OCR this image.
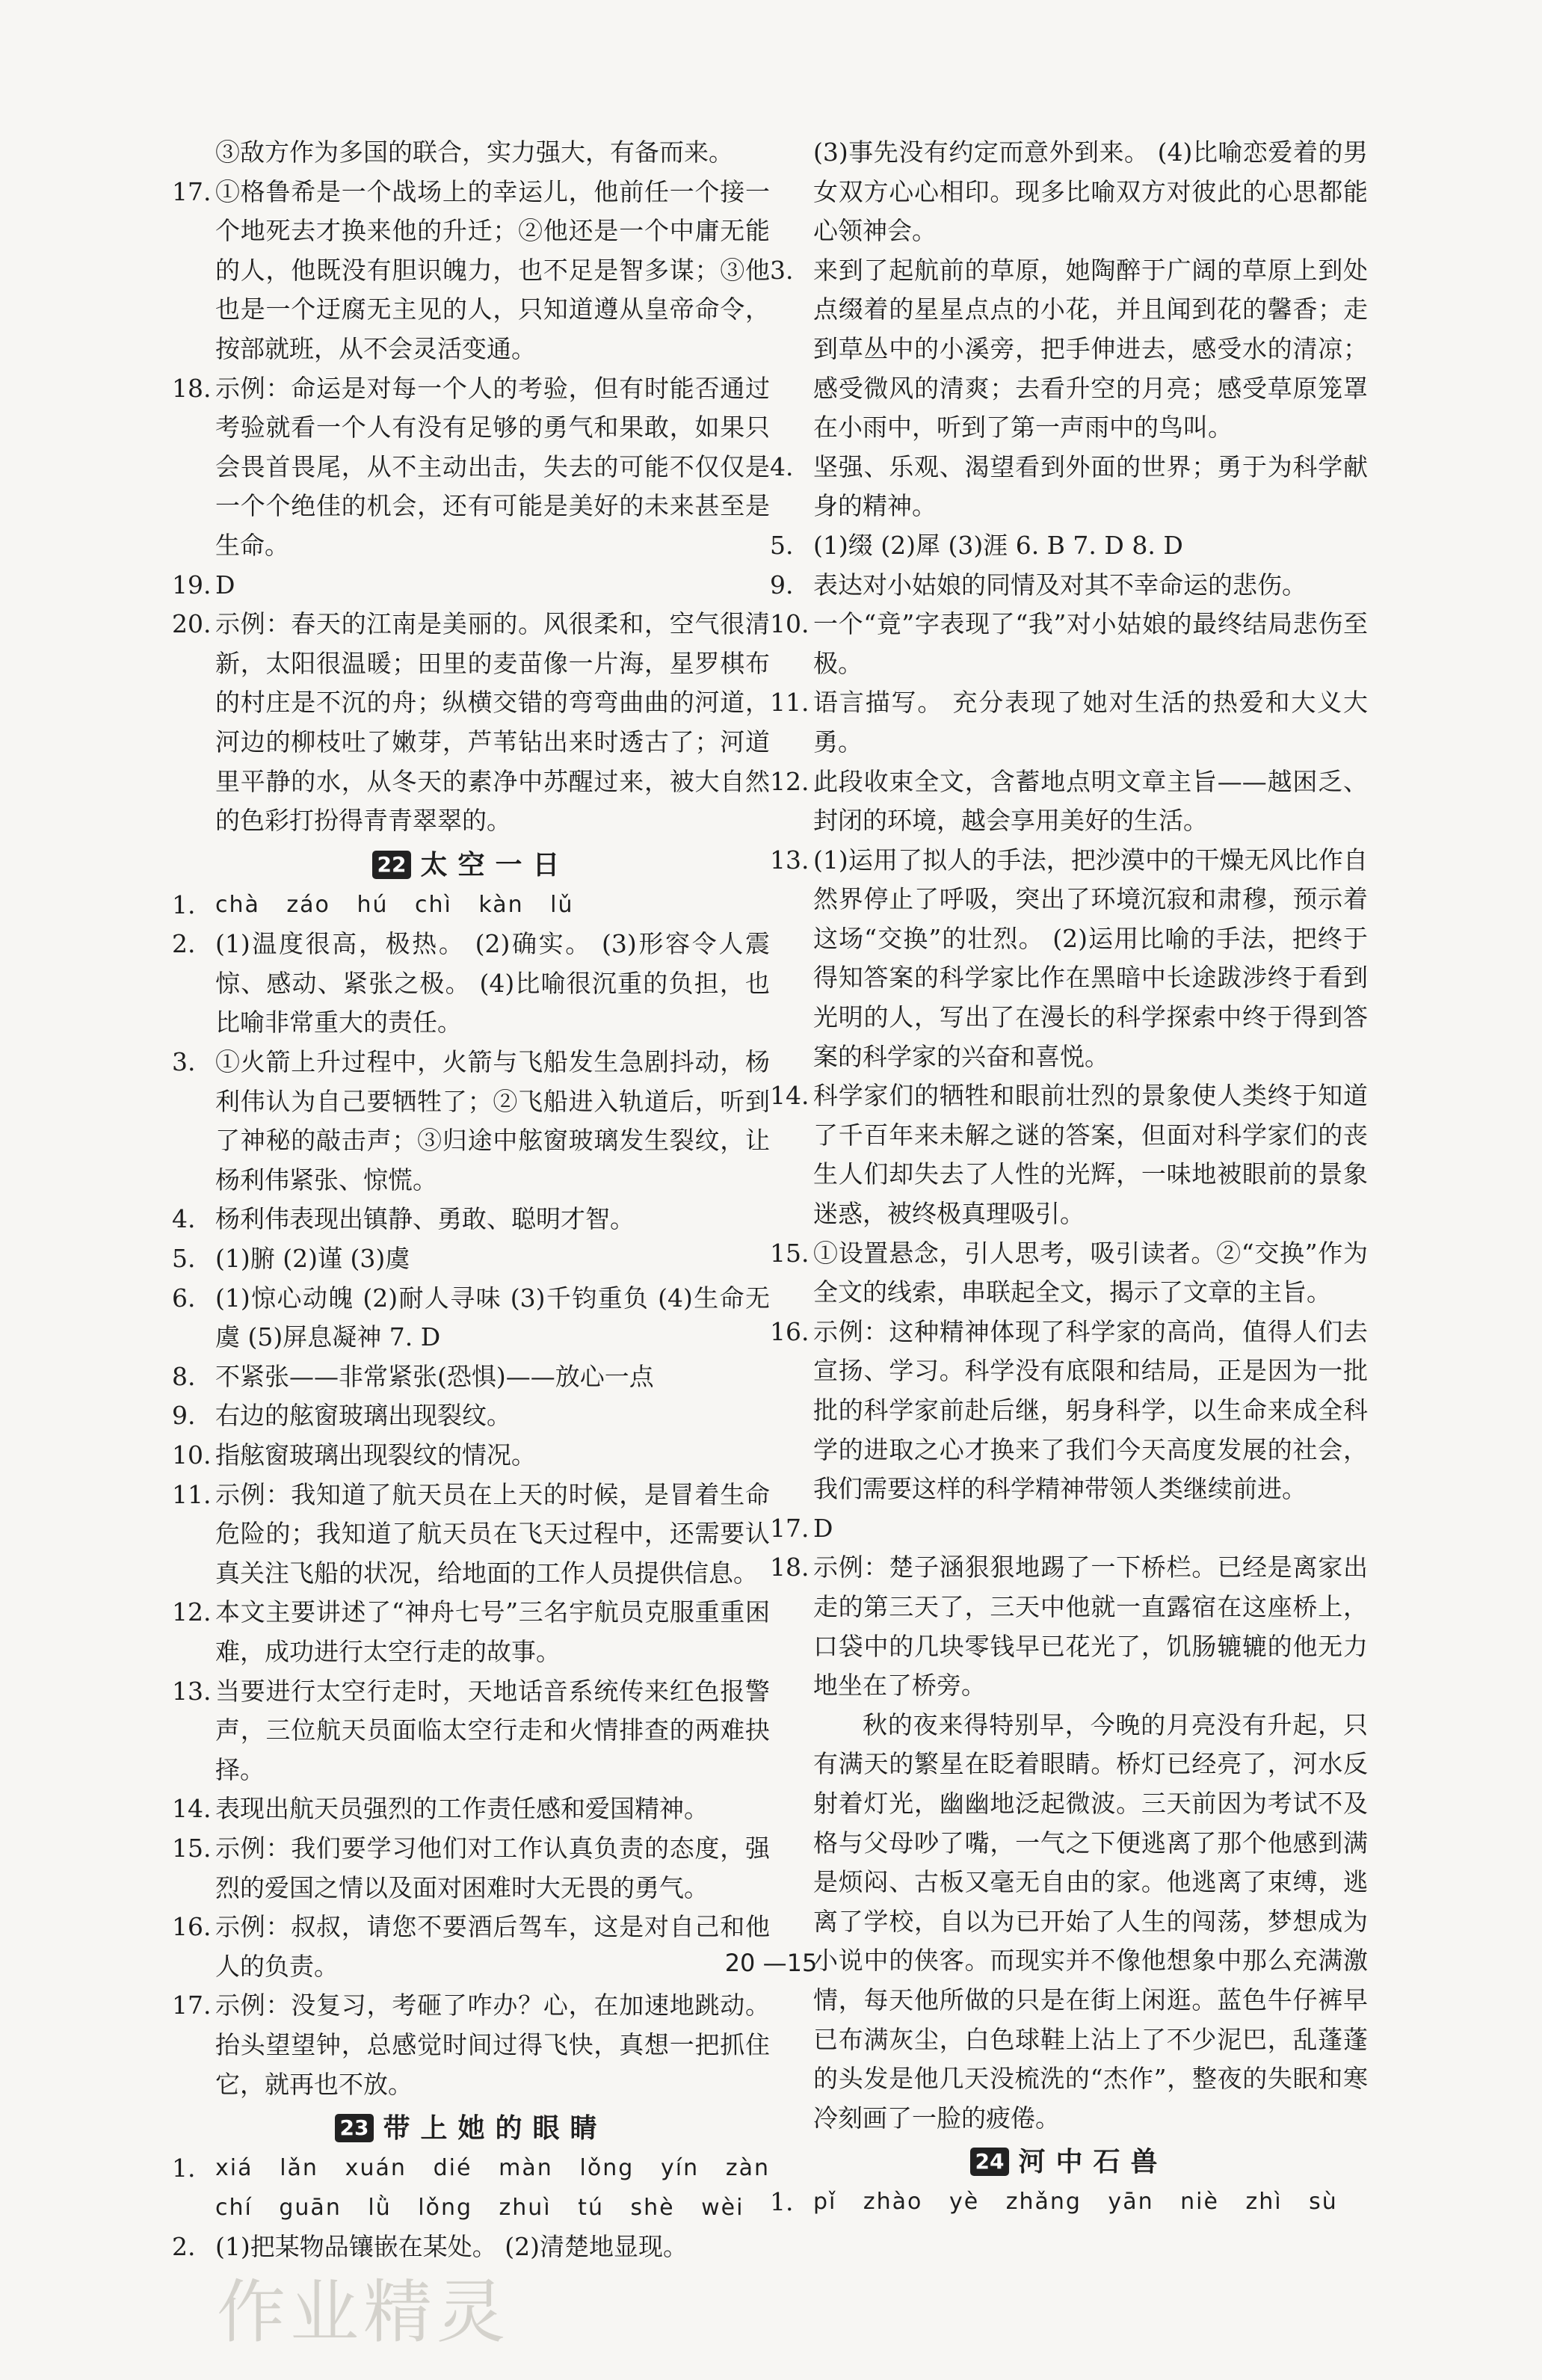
③敌方作为多国的联合，实力强大，有备而来。
17. ①格鲁希是一个战场上的幸运儿，他前任一个接一个地死去才换来他的升迁；②他还是一个中庸无能的人，他既没有胆识魄力，也不足是智多谋；③他也是一个迂腐无主见的人，只知道遵从皇帝命令，按部就班，从不会灵活变通。
18. 示例：命运是对每一个人的考验，但有时能否通过考验就看一个人有没有足够的勇气和果敢，如果只会畏首畏尾，从不主动出击，失去的可能不仅仅是一个个绝佳的机会，还有可能是美好的未来甚至是生命。
19. D
20. 示例：春天的江南是美丽的。风很柔和，空气很清新，太阳很温暖；田里的麦苗像一片海，星罗棋布的村庄是不沉的舟；纵横交错的弯弯曲曲的河道，河边的柳枝吐了嫩芽，芦苇钻出来时透古了；河道里平静的水，从冬天的素净中苏醒过来，被大自然的色彩打扮得青青翠翠的。
22 太空一日
1. chà záo hú chì kàn lǔ
2. (1)温度很高，极热。 (2)确实。 (3)形容令人震惊、感动、紧张之极。 (4)比喻很沉重的负担，也比喻非常重大的责任。
3. ①火箭上升过程中，火箭与飞船发生急剧抖动，杨利伟认为自己要牺牲了；②飞船进入轨道后，听到了神秘的敲击声；③归途中舷窗玻璃发生裂纹，让杨利伟紧张、惊慌。
4. 杨利伟表现出镇静、勇敢、聪明才智。
5. (1)腑 (2)谨 (3)虞
6. (1)惊心动魄 (2)耐人寻味 (3)千钧重负 (4)生命无虞 (5)屏息凝神 7. D
8. 不紧张——非常紧张(恐惧)——放心一点
9. 右边的舷窗玻璃出现裂纹。
10. 指舷窗玻璃出现裂纹的情况。
11. 示例：我知道了航天员在上天的时候，是冒着生命危险的；我知道了航天员在飞天过程中，还需要认真关注飞船的状况，给地面的工作人员提供信息。
12. 本文主要讲述了“神舟七号”三名宇航员克服重重困难，成功进行太空行走的故事。
13. 当要进行太空行走时，天地话音系统传来红色报警声，三位航天员面临太空行走和火情排查的两难抉择。
14. 表现出航天员强烈的工作责任感和爱国精神。
15. 示例：我们要学习他们对工作认真负责的态度，强烈的爱国之情以及面对困难时大无畏的勇气。
16. 示例：叔叔，请您不要酒后驾车，这是对自己和他人的负责。
17. 示例：没复习，考砸了咋办？心，在加速地跳动。抬头望望钟，总感觉时间过得飞快，真想一把抓住它，就再也不放。
23 带上她的眼睛
1. xiá lǎn xuán dié màn lǒng yín zàn chí guān lǜ lǒng zhuì tú shè wèi
2. (1)把某物品镶嵌在某处。 (2)清楚地显现。
(3)事先没有约定而意外到来。 (4)比喻恋爱着的男女双方心心相印。现多比喻双方对彼此的心思都能心领神会。
3. 来到了起航前的草原，她陶醉于广阔的草原上到处点缀着的星星点点的小花，并且闻到花的馨香；走到草丛中的小溪旁，把手伸进去，感受水的清凉；感受微风的清爽；去看升空的月亮；感受草原笼罩在小雨中，听到了第一声雨中的鸟叫。
4. 坚强、乐观、渴望看到外面的世界；勇于为科学献身的精神。
5. (1)缀 (2)犀 (3)涯 6. B 7. D 8. D
9. 表达对小姑娘的同情及对其不幸命运的悲伤。
10. 一个“竟”字表现了“我”对小姑娘的最终结局悲伤至极。
11. 语言描写。 充分表现了她对生活的热爱和大义大勇。
12. 此段收束全文，含蓄地点明文章主旨——越困乏、封闭的环境，越会享用美好的生活。
13. (1)运用了拟人的手法，把沙漠中的干燥无风比作自然界停止了呼吸，突出了环境沉寂和肃穆，预示着这场“交换”的壮烈。 (2)运用比喻的手法，把终于得知答案的科学家比作在黑暗中长途跋涉终于看到光明的人，写出了在漫长的科学探索中终于得到答案的科学家的兴奋和喜悦。
14. 科学家们的牺牲和眼前壮烈的景象使人类终于知道了千百年来未解之谜的答案，但面对科学家们的丧生人们却失去了人性的光辉，一味地被眼前的景象迷惑，被终极真理吸引。
15. ①设置悬念，引人思考，吸引读者。②“交换”作为全文的线索，串联起全文，揭示了文章的主旨。
16. 示例：这种精神体现了科学家的高尚，值得人们去宣扬、学习。科学没有底限和结局，正是因为一批批的科学家前赴后继，躬身科学，以生命来成全科学的进取之心才换来了我们今天高度发展的社会，我们需要这样的科学精神带领人类继续前进。
17. D
18. 示例：楚子涵狠狠地踢了一下桥栏。已经是离家出走的第三天了，三天中他就一直露宿在这座桥上，口袋中的几块零钱早已花光了，饥肠辘辘的他无力地坐在了桥旁。
秋的夜来得特别早，今晚的月亮没有升起，只有满天的繁星在眨着眼睛。桥灯已经亮了，河水反射着灯光，幽幽地泛起微波。三天前因为考试不及格与父母吵了嘴，一气之下便逃离了那个他感到满是烦闷、古板又毫无自由的家。他逃离了束缚，逃离了学校，自以为已开始了人生的闯荡，梦想成为小说中的侠客。而现实并不像他想象中那么充满激情，每天他所做的只是在街上闲逛。蓝色牛仔裤早已布满灰尘，白色球鞋上沾上了不少泥巴，乱蓬蓬的头发是他几天没梳洗的“杰作”，整夜的失眠和寒冷刻画了一脸的疲倦。
24 河中石兽
1. pǐ zhào yè zhǎng yān niè zhì sù
20 —15
作业精灵
